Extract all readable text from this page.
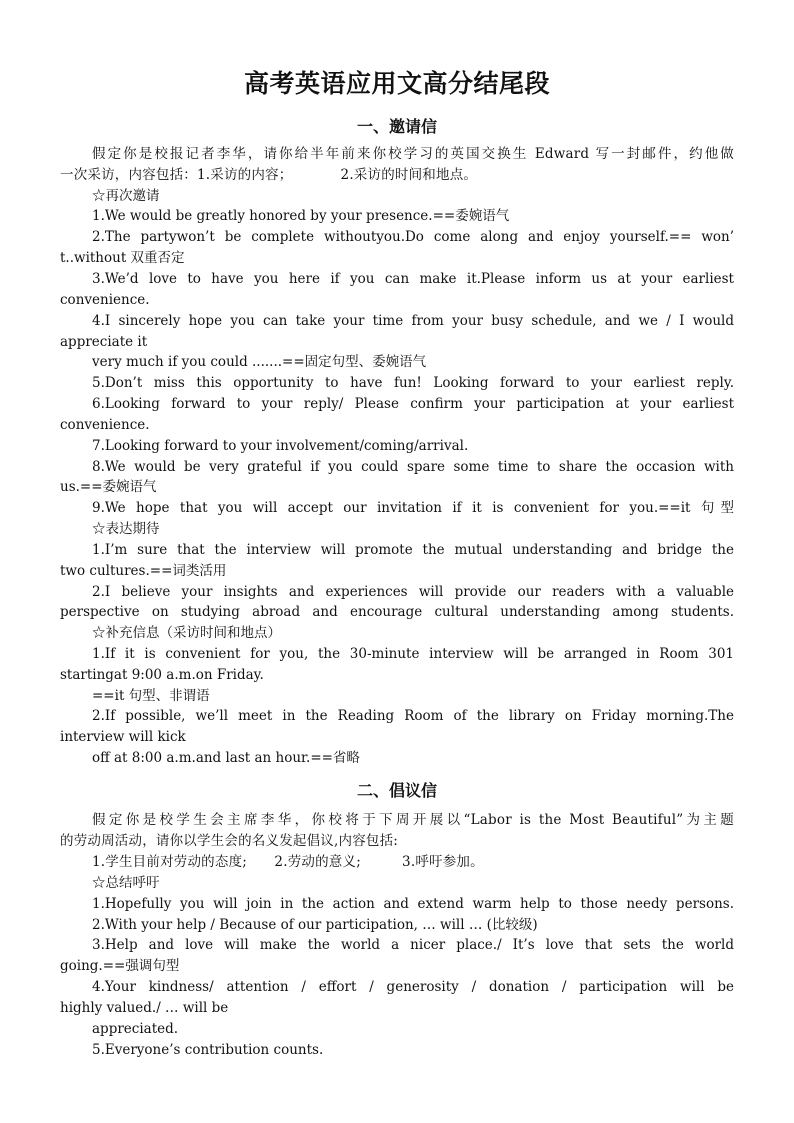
高考英语应用文高分结尾段
一、邀请信
假定你是校报记者李华，请你给半年前来你校学习的英国交换生 Edward 写一封邮件，约他做
一次采访，内容包括：1.采访的内容；　　　　2.采访的时间和地点。
☆再次邀请
1.We would be greatly honored by your presence.==委婉语气
2.The partywon’t be complete withoutyou.Do come along and enjoy yourself.== won’
t..without 双重否定
3.We’d love to have you here if you can make it.Please inform us at your earliest
convenience.
4.I sincerely hope you can take your time from your busy schedule, and we / I would
appreciate it
very much if you could .......==固定句型、委婉语气
5.Don’t miss this opportunity to have fun! Looking forward to your earliest reply.
6.Looking forward to your reply/ Please confirm your participation at your earliest
convenience.
7.Looking forward to your involvement/coming/arrival.
8.We would be very grateful if you could spare some time to share the occasion with
us.==委婉语气
9.We hope that you will accept our invitation if it is convenient for you.==it 句型
☆表达期待
1.I’m sure that the interview will promote the mutual understanding and bridge the
two cultures.==词类活用
2.I believe your insights and experiences will provide our readers with a valuable
perspective on studying abroad and encourage cultural understanding among students.
☆补充信息（采访时间和地点）
1.If it is convenient for you, the 30-minute interview will be arranged in Room 301
startingat 9:00 a.m.on Friday.
==it 句型、非谓语
2.If possible, we’ll meet in the Reading Room of the library on Friday morning.The
interview will kick
off at 8:00 a.m.and last an hour.==省略
二、倡议信
假定你是校学生会主席李华，你校将于下周开展以“Labor is the Most Beautiful”为主题
的劳动周活动，请你以学生会的名义发起倡议,内容包括:
1.学生目前对劳动的态度;　　2.劳动的意义;　　　3.呼吁参加。
☆总结呼吁
1.Hopefully you will join in the action and extend warm help to those needy persons.
2.With your help / Because of our participation, … will … (比较级)
3.Help and love will make the world a nicer place./ It’s love that sets the world
going.==强调句型
4.Your kindness/ attention / effort / generosity / donation / participation will be
highly valued./ … will be
appreciated.
5.Everyone’s contribution counts.
